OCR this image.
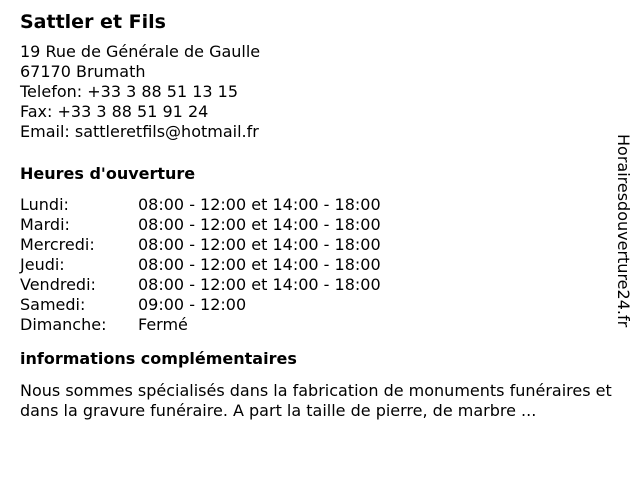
Sattler et Fils
19 Rue de Générale de Gaulle
67170 Brumath
Telefon: +33 3 88 51 13 15
Fax: +33 3 88 51 91 24
Email: sattleretfils@hotmail.fr
Heures d'ouverture
Lundi:	08:00 - 12:00 et 14:00 - 18:00
Mardi:	08:00 - 12:00 et 14:00 - 18:00
Mercredi:	08:00 - 12:00 et 14:00 - 18:00
Jeudi:	08:00 - 12:00 et 14:00 - 18:00
Vendredi:	08:00 - 12:00 et 14:00 - 18:00
Samedi:	09:00 - 12:00
Dimanche:	Fermé
informations complémentaires
Nous sommes spécialisés dans la fabrication de monuments funéraires et dans la gravure funéraire. A part la taille de pierre, de marbre ...
Horairesdouverture24.fr
